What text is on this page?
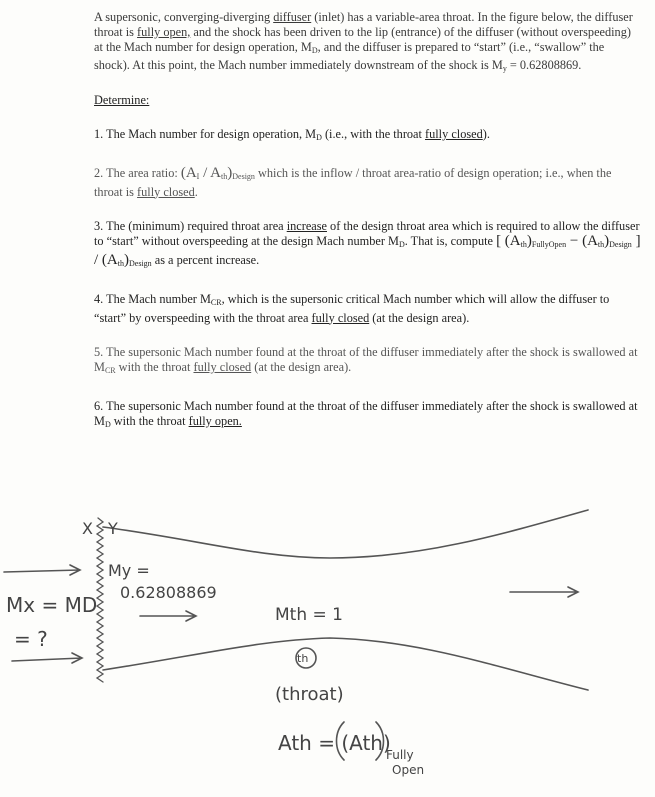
A supersonic, converging-diverging diffuser (inlet) has a variable-area throat. In the figure below, the diffuser throat is fully open, and the shock has been driven to the lip (entrance) of the diffuser (without overspeeding) at the Mach number for design operation, $M_D$, and the diffuser is prepared to “start” (i.e., “swallow” the shock). At this point, the Mach number immediately downstream of the shock is $M_y = 0.62808869$.

Determine:

1. The Mach number for design operation, $M_D$ (i.e., with the throat fully closed).

2. The area ratio: $(A_I / A_{th})_{Design}$ which is the inflow / throat area-ratio of design operation; i.e., when the throat is fully closed.

3. The (minimum) required throat area increase of the design throat area which is required to allow the diffuser to “start” without overspeeding at the design Mach number $M_D$. That is, compute [ $(A_{th})_{FullyOpen} - (A_{th})_{Design}$ ] / $(A_{th})_{Design}$ as a percent increase.

4. The Mach number $M_{CR}$, which is the supersonic critical Mach number which will allow the diffuser to “start” by overspeeding with the throat area fully closed (at the design area).

5. The supersonic Mach number found at the throat of the diffuser immediately after the shock is swallowed at $M_{CR}$ with the throat fully closed (at the design area).

6. The supersonic Mach number found at the throat of the diffuser immediately after the shock is swallowed at $M_D$ with the throat fully open.

X Y
Mx = MD
= ?
My =
0.62808869
Mth = 1
th
(throat)
Ath = (Ath)
Fully
Open
